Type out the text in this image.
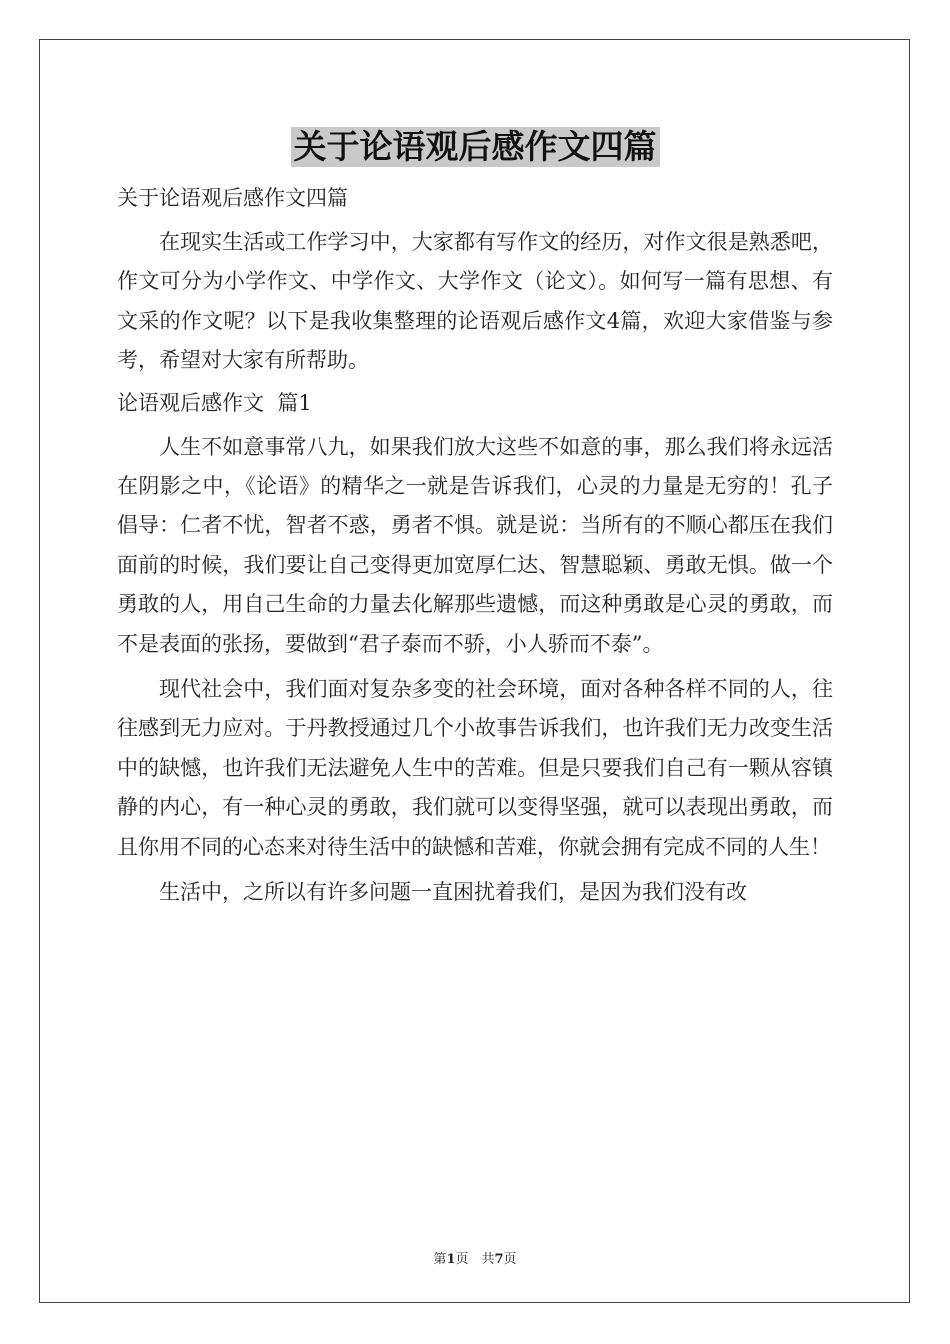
关于论语观后感作文四篇

关于论语观后感作文四篇

在现实生活或工作学习中，大家都有写作文的经历，对作文很是熟悉吧，作文可分为小学作文、中学作文、大学作文（论文）。如何写一篇有思想、有文采的作文呢？以下是我收集整理的论语观后感作文4篇，欢迎大家借鉴与参考，希望对大家有所帮助。

论语观后感作文  篇1

人生不如意事常八九，如果我们放大这些不如意的事，那么我们将永远活在阴影之中，《论语》的精华之一就是告诉我们，心灵的力量是无穷的！孔子倡导：仁者不忧，智者不惑，勇者不惧。就是说：当所有的不顺心都压在我们面前的时候，我们要让自己变得更加宽厚仁达、智慧聪颖、勇敢无惧。做一个勇敢的人，用自己生命的力量去化解那些遗憾，而这种勇敢是心灵的勇敢，而不是表面的张扬，要做到“君子泰而不骄，小人骄而不泰”。

现代社会中，我们面对复杂多变的社会环境，面对各种各样不同的人，往往感到无力应对。于丹教授通过几个小故事告诉我们，也许我们无力改变生活中的缺憾，也许我们无法避免人生中的苦难。但是只要我们自己有一颗从容镇静的内心，有一种心灵的勇敢，我们就可以变得坚强，就可以表现出勇敢，而且你用不同的心态来对待生活中的缺憾和苦难，你就会拥有完成不同的人生！

生活中，之所以有许多问题一直困扰着我们，是因为我们没有改

第1页　共7页
